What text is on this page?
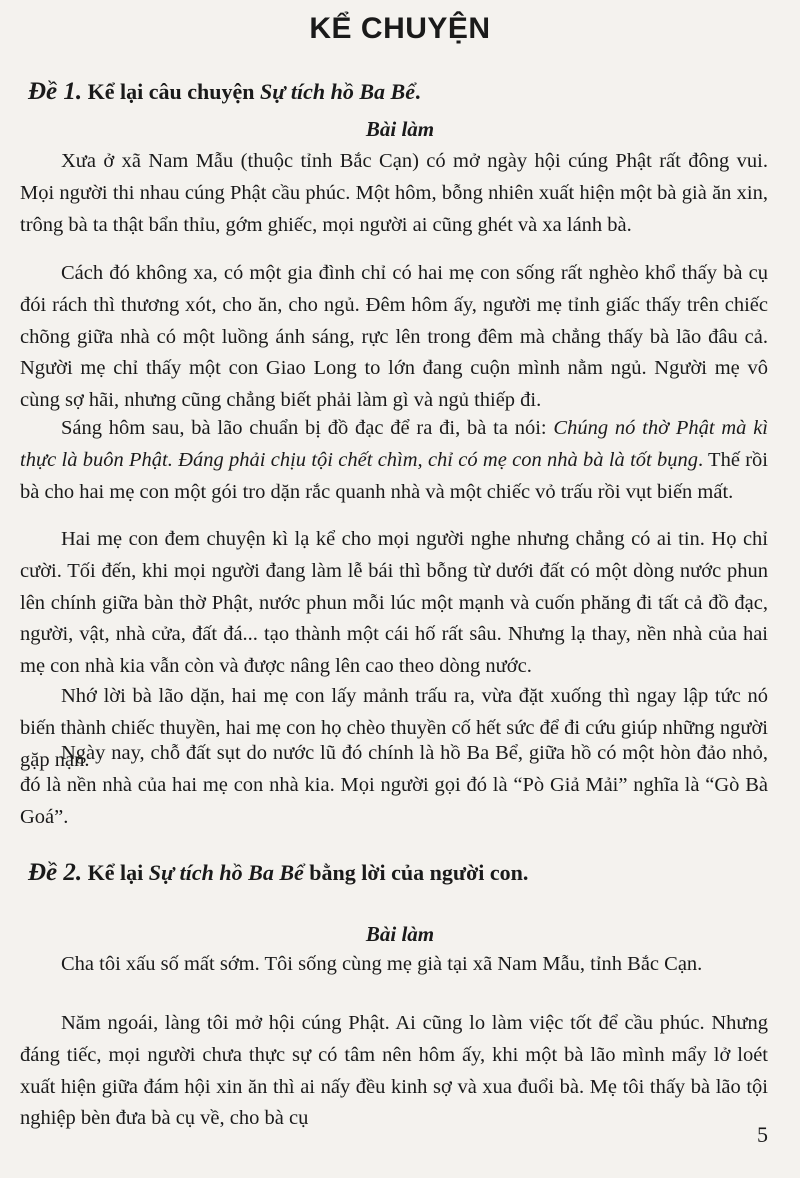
KỂ CHUYỆN
Đề 1. Kể lại câu chuyện Sự tích hồ Ba Bể.
Bài làm
Xưa ở xã Nam Mẫu (thuộc tỉnh Bắc Cạn) có mở ngày hội cúng Phật rất đông vui. Mọi người thi nhau cúng Phật cầu phúc. Một hôm, bỗng nhiên xuất hiện một bà già ăn xin, trông bà ta thật bẩn thỉu, gớm ghiếc, mọi người ai cũng ghét và xa lánh bà.
Cách đó không xa, có một gia đình chỉ có hai mẹ con sống rất nghèo khổ thấy bà cụ đói rách thì thương xót, cho ăn, cho ngủ. Đêm hôm ấy, người mẹ tỉnh giấc thấy trên chiếc chõng giữa nhà có một luồng ánh sáng, rực lên trong đêm mà chẳng thấy bà lão đâu cả. Người mẹ chỉ thấy một con Giao Long to lớn đang cuộn mình nằm ngủ. Người mẹ vô cùng sợ hãi, nhưng cũng chẳng biết phải làm gì và ngủ thiếp đi.
Sáng hôm sau, bà lão chuẩn bị đồ đạc để ra đi, bà ta nói: Chúng nó thờ Phật mà kì thực là buôn Phật. Đáng phải chịu tội chết chìm, chỉ có mẹ con nhà bà là tốt bụng. Thế rồi bà cho hai mẹ con một gói tro dặn rắc quanh nhà và một chiếc vỏ trấu rồi vụt biến mất.
Hai mẹ con đem chuyện kì lạ kể cho mọi người nghe nhưng chẳng có ai tin. Họ chỉ cười. Tối đến, khi mọi người đang làm lễ bái thì bỗng từ dưới đất có một dòng nước phun lên chính giữa bàn thờ Phật, nước phun mỗi lúc một mạnh và cuốn phăng đi tất cả đồ đạc, người, vật, nhà cửa, đất đá... tạo thành một cái hố rất sâu. Nhưng lạ thay, nền nhà của hai mẹ con nhà kia vẫn còn và được nâng lên cao theo dòng nước.
Nhớ lời bà lão dặn, hai mẹ con lấy mảnh trấu ra, vừa đặt xuống thì ngay lập tức nó biến thành chiếc thuyền, hai mẹ con họ chèo thuyền cố hết sức để đi cứu giúp những người gặp nạn.
Ngày nay, chỗ đất sụt do nước lũ đó chính là hồ Ba Bể, giữa hồ có một hòn đảo nhỏ, đó là nền nhà của hai mẹ con nhà kia. Mọi người gọi đó là “Pò Giả Mải” nghĩa là “Gò Bà Goá”.
Đề 2. Kể lại Sự tích hồ Ba Bể bằng lời của người con.
Bài làm
Cha tôi xấu số mất sớm. Tôi sống cùng mẹ già tại xã Nam Mẫu, tỉnh Bắc Cạn.
Năm ngoái, làng tôi mở hội cúng Phật. Ai cũng lo làm việc tốt để cầu phúc. Nhưng đáng tiếc, mọi người chưa thực sự có tâm nên hôm ấy, khi một bà lão mình mẩy lở loét xuất hiện giữa đám hội xin ăn thì ai nấy đều kinh sợ và xua đuổi bà. Mẹ tôi thấy bà lão tội nghiệp bèn đưa bà cụ về, cho bà cụ
5
